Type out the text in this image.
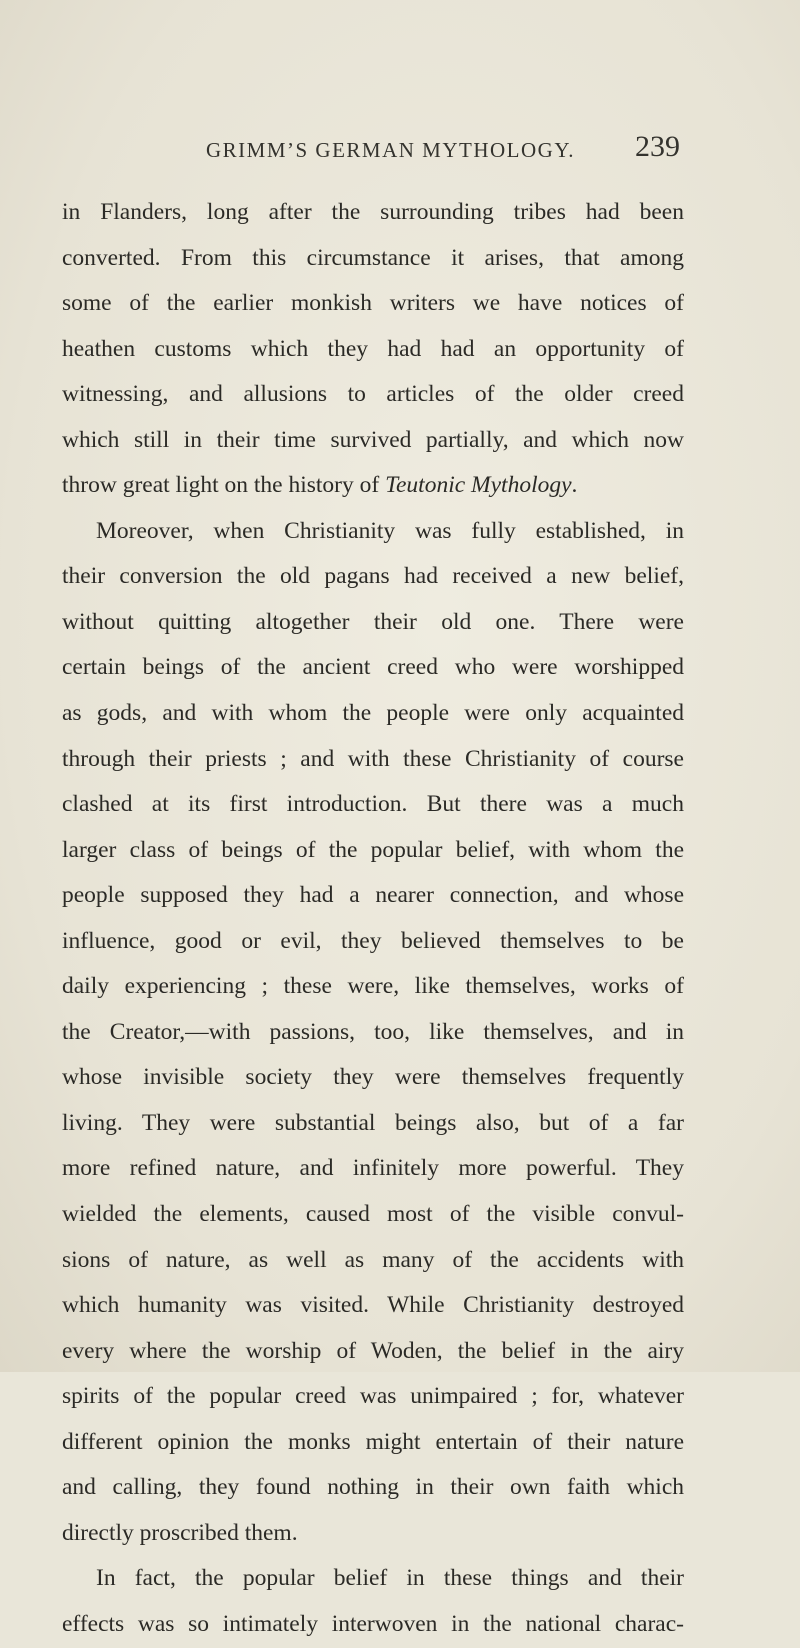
GRIMM’S GERMAN MYTHOLOGY. 239
in Flanders, long after the surrounding tribes had been
converted. From this circumstance it arises, that among
some of the earlier monkish writers we have notices of
heathen customs which they had had an opportunity of
witnessing, and allusions to articles of the older creed
which still in their time survived partially, and which now
throw great light on the history of Teutonic Mythology.
Moreover, when Christianity was fully established, in
their conversion the old pagans had received a new belief,
without quitting altogether their old one. There were
certain beings of the ancient creed who were worshipped
as gods, and with whom the people were only acquainted
through their priests ; and with these Christianity of course
clashed at its first introduction. But there was a much
larger class of beings of the popular belief, with whom the
people supposed they had a nearer connection, and whose
influence, good or evil, they believed themselves to be
daily experiencing ; these were, like themselves, works of
the Creator,—with passions, too, like themselves, and in
whose invisible society they were themselves frequently
living. They were substantial beings also, but of a far
more refined nature, and infinitely more powerful. They
wielded the elements, caused most of the visible convul-
sions of nature, as well as many of the accidents with
which humanity was visited. While Christianity destroyed
every where the worship of Woden, the belief in the airy
spirits of the popular creed was unimpaired ; for, whatever
different opinion the monks might entertain of their nature
and calling, they found nothing in their own faith which
directly proscribed them.
In fact, the popular belief in these things and their
effects was so intimately interwoven in the national charac-
